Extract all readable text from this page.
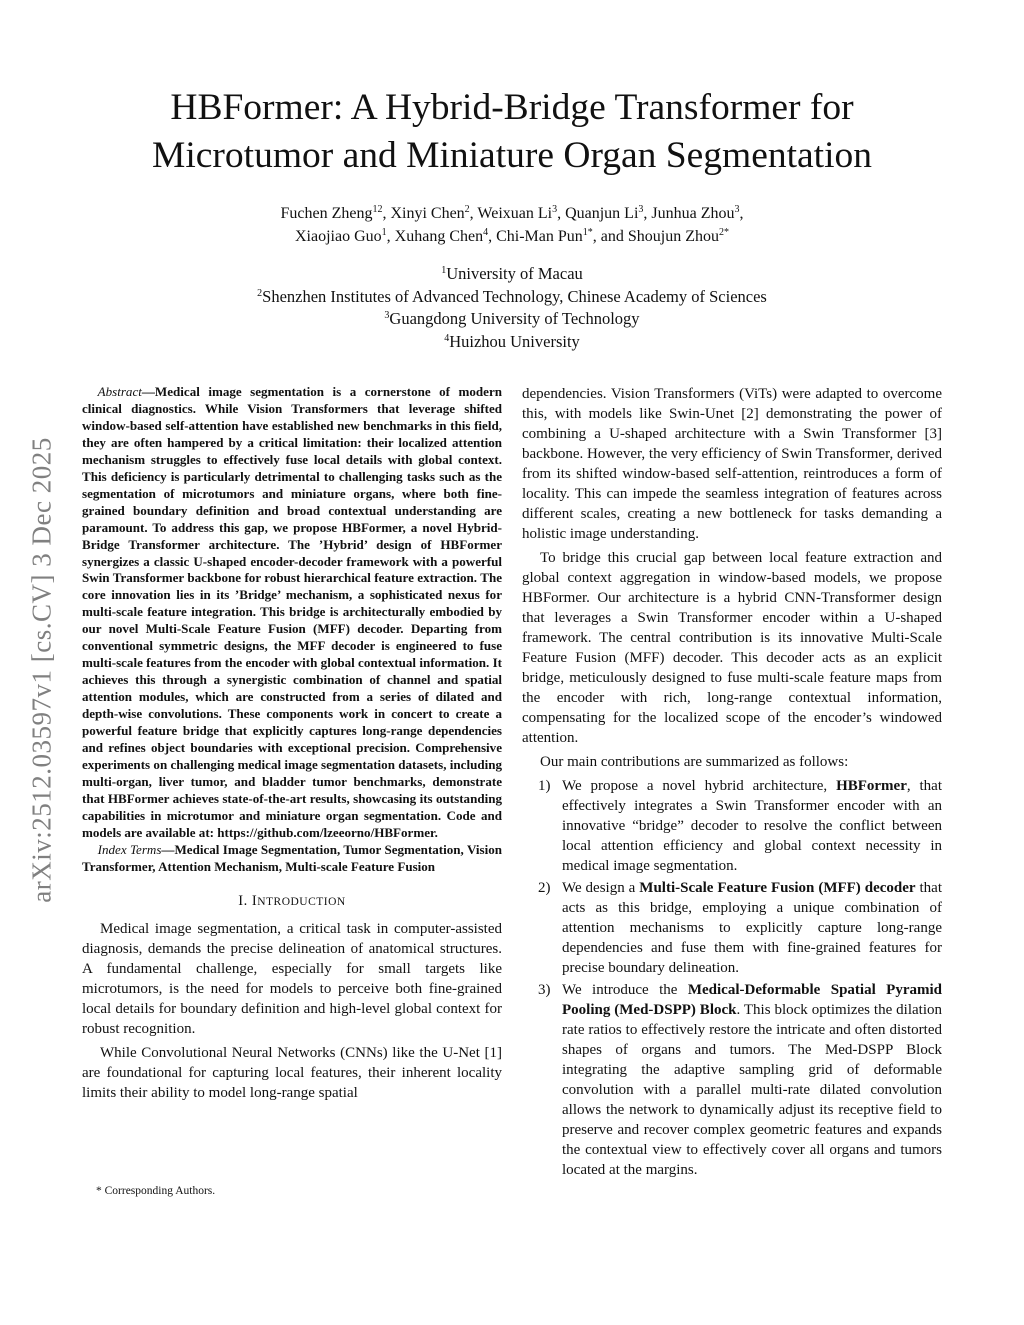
arXiv:2512.03597v1 [cs.CV] 3 Dec 2025
HBFormer: A Hybrid-Bridge Transformer for
Microtumor and Miniature Organ Segmentation
Fuchen Zheng$^{12}$, Xinyi Chen$^2$, Weixuan Li$^3$, Quanjun Li$^3$, Junhua Zhou$^3$,
Xiaojiao Guo$^1$, Xuhang Chen$^4$, Chi-Man Pun$^{1*}$, and Shoujun Zhou$^{2*}$
$^1$University of Macau
$^2$Shenzhen Institutes of Advanced Technology, Chinese Academy of Sciences
$^3$Guangdong University of Technology
$^4$Huizhou University

Abstract—Medical image segmentation is a cornerstone of modern clinical diagnostics. While Vision Transformers that leverage shifted window-based self-attention have established new benchmarks in this field, they are often hampered by a critical limitation: their localized attention mechanism struggles to effectively fuse local details with global context. This deficiency is particularly detrimental to challenging tasks such as the segmentation of microtumors and miniature organs, where both fine-grained boundary definition and broad contextual understanding are paramount. To address this gap, we propose HBFormer, a novel Hybrid-Bridge Transformer architecture. The ’Hybrid’ design of HBFormer synergizes a classic U-shaped encoder-decoder framework with a powerful Swin Transformer backbone for robust hierarchical feature extraction. The core innovation lies in its ’Bridge’ mechanism, a sophisticated nexus for multi-scale feature integration. This bridge is architecturally embodied by our novel Multi-Scale Feature Fusion (MFF) decoder. Departing from conventional symmetric designs, the MFF decoder is engineered to fuse multi-scale features from the encoder with global contextual information. It achieves this through a synergistic combination of channel and spatial attention modules, which are constructed from a series of dilated and depth-wise convolutions. These components work in concert to create a powerful feature bridge that explicitly captures long-range dependencies and refines object boundaries with exceptional precision. Comprehensive experiments on challenging medical image segmentation datasets, including multi-organ, liver tumor, and bladder tumor benchmarks, demonstrate that HBFormer achieves state-of-the-art results, showcasing its outstanding capabilities in microtumor and miniature organ segmentation. Code and models are available at: https://github.com/lzeeorno/HBFormer.

Index Terms—Medical Image Segmentation, Tumor Segmentation, Vision Transformer, Attention Mechanism, Multi-scale Feature Fusion

I. INTRODUCTION

Medical image segmentation, a critical task in computer-assisted diagnosis, demands the precise delineation of anatomical structures. A fundamental challenge, especially for small targets like microtumors, is the need for models to perceive both fine-grained local details for boundary definition and high-level global context for robust recognition.

While Convolutional Neural Networks (CNNs) like the U-Net [1] are foundational for capturing local features, their inherent locality limits their ability to model long-range spatial

* Corresponding Authors.

dependencies. Vision Transformers (ViTs) were adapted to overcome this, with models like Swin-Unet [2] demonstrating the power of combining a U-shaped architecture with a Swin Transformer [3] backbone. However, the very efficiency of Swin Transformer, derived from its shifted window-based self-attention, reintroduces a form of locality. This can impede the seamless integration of features across different scales, creating a new bottleneck for tasks demanding a holistic image understanding.

To bridge this crucial gap between local feature extraction and global context aggregation in window-based models, we propose HBFormer. Our architecture is a hybrid CNN-Transformer design that leverages a Swin Transformer encoder within a U-shaped framework. The central contribution is its innovative Multi-Scale Feature Fusion (MFF) decoder. This decoder acts as an explicit bridge, meticulously designed to fuse multi-scale feature maps from the encoder with rich, long-range contextual information, compensating for the localized scope of the encoder’s windowed attention.

Our main contributions are summarized as follows:

1) We propose a novel hybrid architecture, HBFormer, that effectively integrates a Swin Transformer encoder with an innovative “bridge” decoder to resolve the conflict between local attention efficiency and global context necessity in medical image segmentation.
2) We design a Multi-Scale Feature Fusion (MFF) decoder that acts as this bridge, employing a unique combination of attention mechanisms to explicitly capture long-range dependencies and fuse them with fine-grained features for precise boundary delineation.
3) We introduce the Medical-Deformable Spatial Pyramid Pooling (Med-DSPP) Block. This block optimizes the dilation rate ratios to effectively restore the intricate and often distorted shapes of organs and tumors. The Med-DSPP Block integrating the adaptive sampling grid of deformable convolution with a parallel multi-rate dilated convolution allows the network to dynamically adjust its receptive field to preserve and recover complex geometric features and expands the contextual view to effectively cover all organs and tumors located at the margins.
